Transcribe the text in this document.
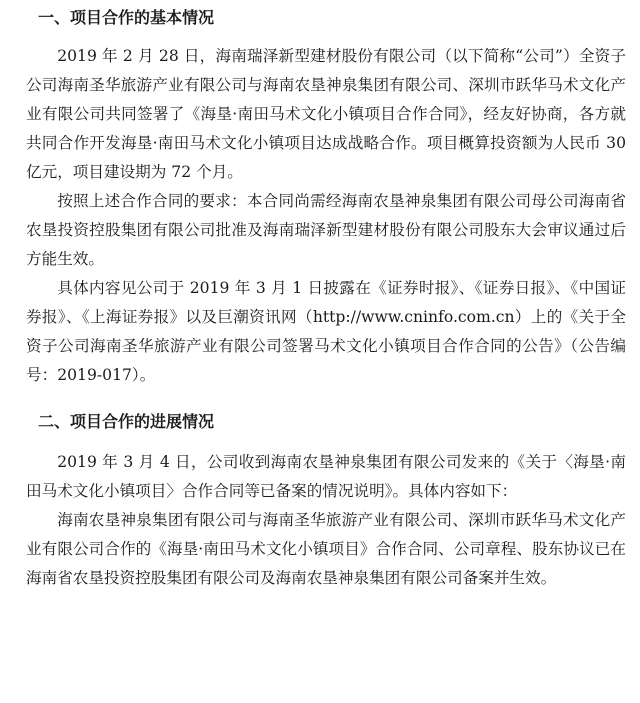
一、项目合作的基本情况

2019 年 2 月 28 日，海南瑞泽新型建材股份有限公司（以下简称“公司”）全资子公司海南圣华旅游产业有限公司与海南农垦神泉集团有限公司、深圳市跃华马术文化产业有限公司共同签署了《海垦·南田马术文化小镇项目合作合同》，经友好协商，各方就共同合作开发海垦·南田马术文化小镇项目达成战略合作。项目概算投资额为人民币 30 亿元，项目建设期为 72 个月。

按照上述合作合同的要求：本合同尚需经海南农垦神泉集团有限公司母公司海南省农垦投资控股集团有限公司批准及海南瑞泽新型建材股份有限公司股东大会审议通过后方能生效。

具体内容见公司于 2019 年 3 月 1 日披露在《证券时报》、《证券日报》、《中国证券报》、《上海证券报》以及巨潮资讯网（http://www.cninfo.com.cn）上的《关于全资子公司海南圣华旅游产业有限公司签署马术文化小镇项目合作合同的公告》（公告编号：2019-017）。

二、项目合作的进展情况

2019 年 3 月 4 日，公司收到海南农垦神泉集团有限公司发来的《关于〈海垦·南田马术文化小镇项目〉合作合同等已备案的情况说明》。具体内容如下：

海南农垦神泉集团有限公司与海南圣华旅游产业有限公司、深圳市跃华马术文化产业有限公司合作的《海垦·南田马术文化小镇项目》合作合同、公司章程、股东协议已在海南省农垦投资控股集团有限公司及海南农垦神泉集团有限公司备案并生效。
